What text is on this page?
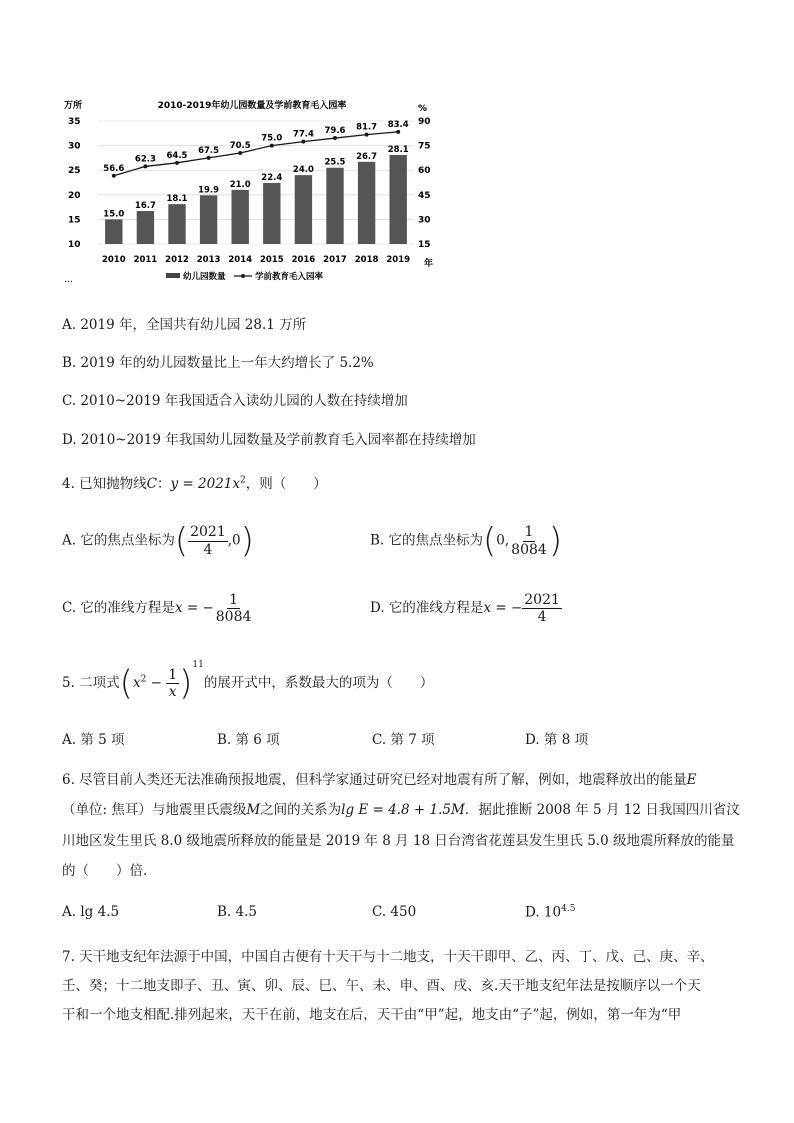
2010-2019年幼儿园数量及学前教育毛入园率
万所	%
10
15
20
25
30
35
15
30
45
60
75
90
15.0
16.7
18.1
19.9
21.0
22.4
24.0
25.5
26.7
28.1
56.6
62.3 64.5 67.5 70.5
75.0 77.4 79.6 81.7 83.4
2010 2011 2012 2013 2014 2015 2016 2017 2018 2019 年
幼儿园数量	学前教育毛入园率
…
A. 2019 年，全国共有幼儿园 28.1 万所
B. 2019 年的幼儿园数量比上一年大约增长了 5.2%
C. 2010~2019 年我国适合入读幼儿园的人数在持续增加
D. 2010~2019 年我国幼儿园数量及学前教育毛入园率都在持续增加
4. 已知抛物线C：$y = 2021x^2$，则（　　）
A. 它的焦点坐标为( $\frac{2021}{4} ,0$)	B. 它的焦点坐标为(0, $\frac{1}{8084}$ )
C. 它的准线方程是x = − $\frac{1}{8084}$	D. 它的准线方程是x = − $\frac{2021}{4}$
5. 二项式$(x^2 - \frac{1}{x} )^{11}$的展开式中，系数最大的项为（　　）
A. 第 5 项	B. 第 6 项	C. 第 7 项	D. 第 8 项
6. 尽管目前人类还无法准确预报地震，但科学家通过研究已经对地震有所了解，例如，地震释放出的能量E
（单位: 焦耳）与地震里氏震级M之间的关系为lg E = 4.8 + 1.5M．据此推断 2008 年 5 月 12 日我国四川省汶
川地区发生里氏 8.0 级地震所释放的能量是 2019 年 8 月 18 日台湾省花莲县发生里氏 5.0 级地震所释放的能量
的（　　）倍.
A. lg 4.5	B. 4.5	C. 450	D. $10^{4.5}$
7. 天干地支纪年法源于中国，中国自古便有十天干与十二地支，十天干即甲、乙、丙、丁、戊、己、庚、辛、
壬、癸；十二地支即子、丑、寅、卯、辰、巳、午、未、申、酉、戌、亥.天干地支纪年法是按顺序以一个天
干和一个地支相配.排列起来，天干在前，地支在后，天干由“甲”起，地支由“子”起，例如，第一年为“甲
